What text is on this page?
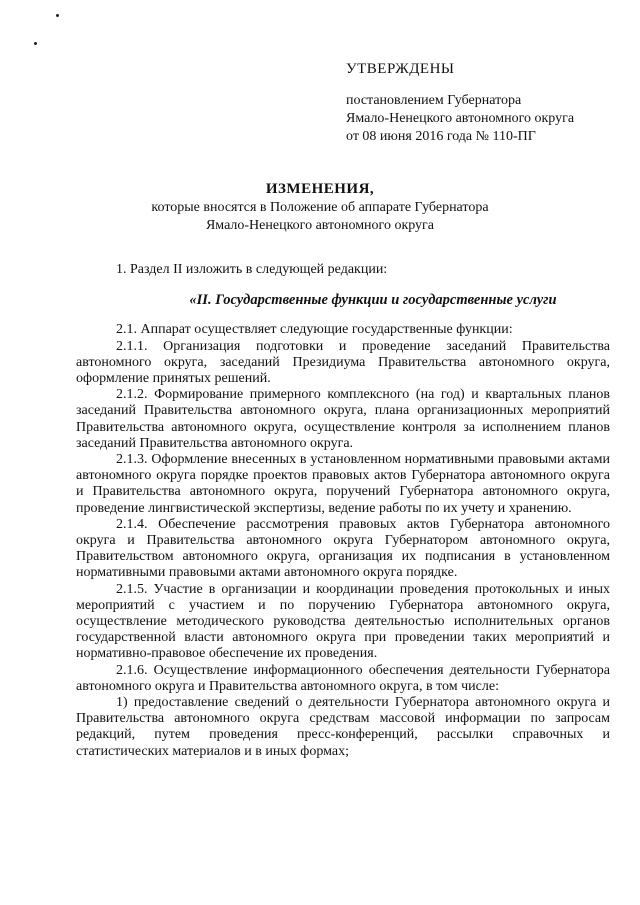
УТВЕРЖДЕНЫ
постановлением Губернатора
Ямало-Ненецкого автономного округа
от 08 июня 2016 года № 110-ПГ
ИЗМЕНЕНИЯ,
которые вносятся в Положение об аппарате Губернатора
Ямало-Ненецкого автономного округа

1. Раздел II изложить в следующей редакции:

«II. Государственные функции и государственные услуги

2.1. Аппарат осуществляет следующие государственные функции:

2.1.1. Организация подготовки и проведение заседаний Правительства автономного округа, заседаний Президиума Правительства автономного округа, оформление принятых решений.

2.1.2. Формирование примерного комплексного (на год) и квартальных планов заседаний Правительства автономного округа, плана организационных мероприятий Правительства автономного округа, осуществление контроля за исполнением планов заседаний Правительства автономного округа.

2.1.3. Оформление внесенных в установленном нормативными правовыми актами автономного округа порядке проектов правовых актов Губернатора автономного округа и Правительства автономного округа, поручений Губернатора автономного округа, проведение лингвистической экспертизы, ведение работы по их учету и хранению.

2.1.4. Обеспечение рассмотрения правовых актов Губернатора автономного округа и Правительства автономного округа Губернатором автономного округа, Правительством автономного округа, организация их подписания в установленном нормативными правовыми актами автономного округа порядке.

2.1.5. Участие в организации и координации проведения протокольных и иных мероприятий с участием и по поручению Губернатора автономного округа, осуществление методического руководства деятельностью исполнительных органов государственной власти автономного округа при проведении таких мероприятий и нормативно-правовое обеспечение их проведения.

2.1.6. Осуществление информационного обеспечения деятельности Губернатора автономного округа и Правительства автономного округа, в том числе:

1) предоставление сведений о деятельности Губернатора автономного округа и Правительства автономного округа средствам массовой информации по запросам редакций, путем проведения пресс-конференций, рассылки справочных и статистических материалов и в иных формах;
